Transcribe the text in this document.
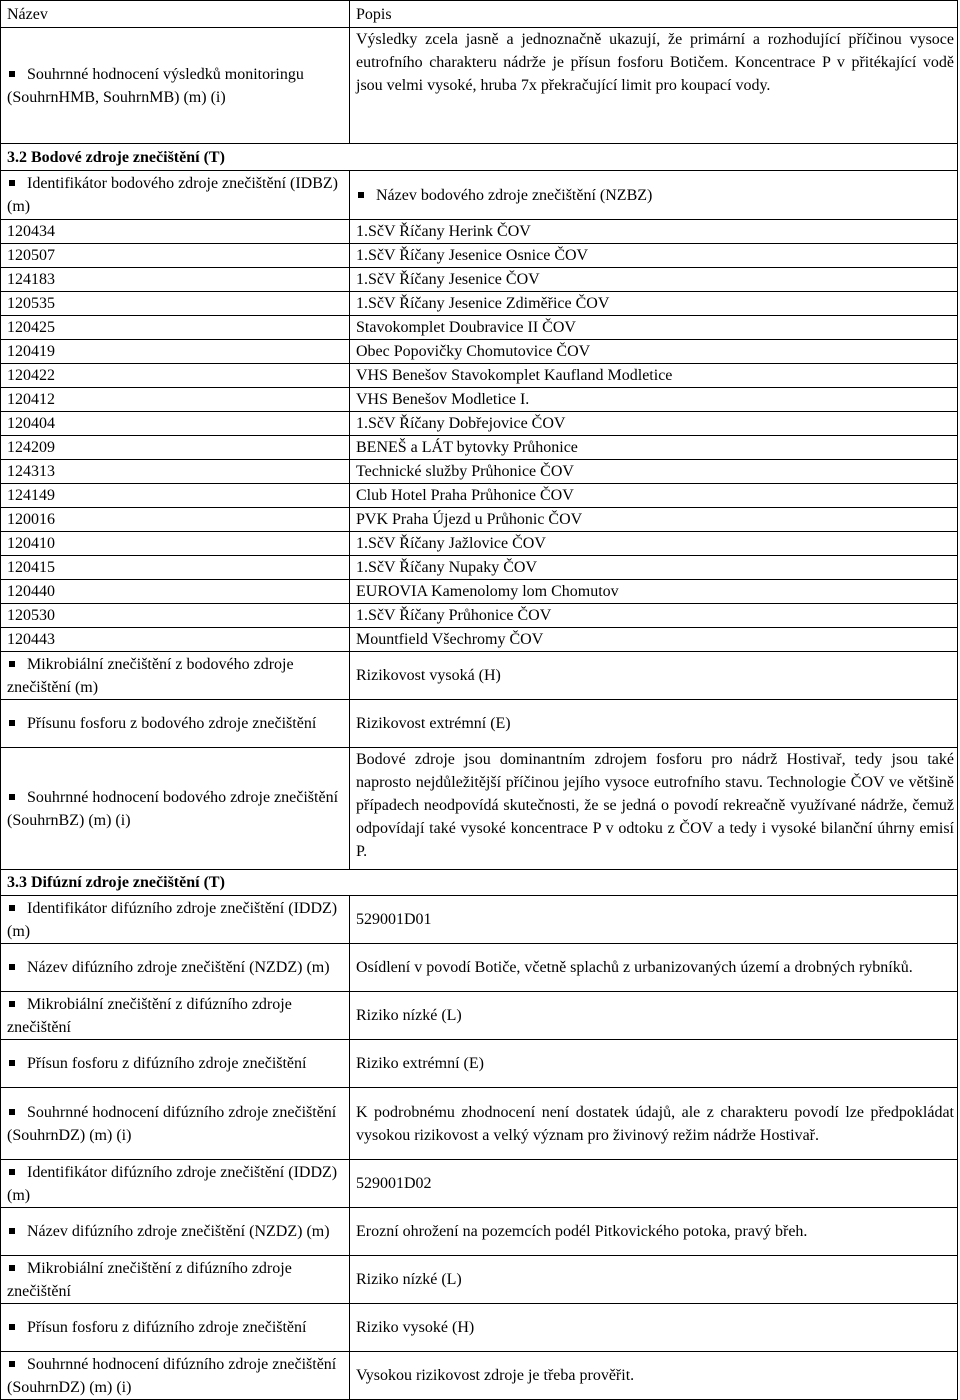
Název	Popis
Souhrnné hodnocení výsledků monitoringu (SouhrnHMB, SouhrnMB) (m) (i)	Výsledky zcela jasně a jednoznačně ukazují, že primární a rozhodující příčinou vysoce eutrofního charakteru nádrže je přísun fosforu Botičem. Koncentrace P v přitékající vodě jsou velmi vysoké, hruba 7x překračující limit pro koupací vody.
3.2 Bodové zdroje znečištění (T)	
Identifikátor bodového zdroje znečištění (IDBZ) (m)	Název bodového zdroje znečištění (NZBZ)
120434	1.SčV Říčany Herink ČOV
120507	1.SčV Říčany Jesenice Osnice ČOV
124183	1.SčV Říčany Jesenice ČOV
120535	1.SčV Říčany Jesenice Zdiměřice ČOV
120425	Stavokomplet Doubravice II ČOV
120419	Obec Popovičky Chomutovice ČOV
120422	VHS Benešov Stavokomplet Kaufland Modletice
120412	VHS Benešov Modletice I.
120404	1.SčV Říčany Dobřejovice ČOV
124209	BENEŠ a LÁT bytovky Průhonice
124313	Technické služby Průhonice ČOV
124149	Club Hotel Praha Průhonice ČOV
120016	PVK Praha Újezd u Průhonic ČOV
120410	1.SčV Říčany Jažlovice ČOV
120415	1.SčV Říčany Nupaky ČOV
120440	EUROVIA Kamenolomy lom Chomutov
120530	1.SčV Říčany Průhonice ČOV
120443	Mountfield Všechromy ČOV
Mikrobiální znečištění z bodového zdroje znečištění (m)	Rizikovost vysoká (H)
Přísunu fosforu z bodového zdroje znečištění	Rizikovost extrémní (E)
Souhrnné hodnocení bodového zdroje znečištění (SouhrnBZ) (m) (i)	Bodové zdroje jsou dominantním zdrojem fosforu pro nádrž Hostivař, tedy jsou také naprosto nejdůležitější příčinou jejího vysoce eutrofního stavu. Technologie ČOV ve většině případech neodpovídá skutečnosti, že se jedná o povodí rekreačně využívané nádrže, čemuž odpovídají také vysoké koncentrace P v odtoku z ČOV a tedy i vysoké bilanční úhrny emisí P.
3.3 Difúzní zdroje znečištění (T)	
Identifikátor difúzního zdroje znečištění (IDDZ) (m)	529001D01
Název difúzního zdroje znečištění (NZDZ) (m)	Osídlení v povodí Botiče, včetně splachů z urbanizovaných území a drobných rybníků.
Mikrobiální znečištění z difúzního zdroje znečištění	Riziko nízké (L)
Přísun fosforu z difúzního zdroje znečištění	Riziko extrémní (E)
Souhrnné hodnocení difúzního zdroje znečištění (SouhrnDZ) (m) (i)	K podrobnému zhodnocení není dostatek údajů, ale z charakteru povodí lze předpokládat vysokou rizikovost a velký význam pro živinový režim nádrže Hostivař.
Identifikátor difúzního zdroje znečištění (IDDZ) (m)	529001D02
Název difúzního zdroje znečištění (NZDZ) (m)	Erozní ohrožení na pozemcích podél Pitkovického potoka, pravý břeh.
Mikrobiální znečištění z difúzního zdroje znečištění	Riziko nízké (L)
Přísun fosforu z difúzního zdroje znečištění	Riziko vysoké (H)
Souhrnné hodnocení difúzního zdroje znečištění (SouhrnDZ) (m) (i)	Vysokou rizikovost zdroje je třeba prověřit.
